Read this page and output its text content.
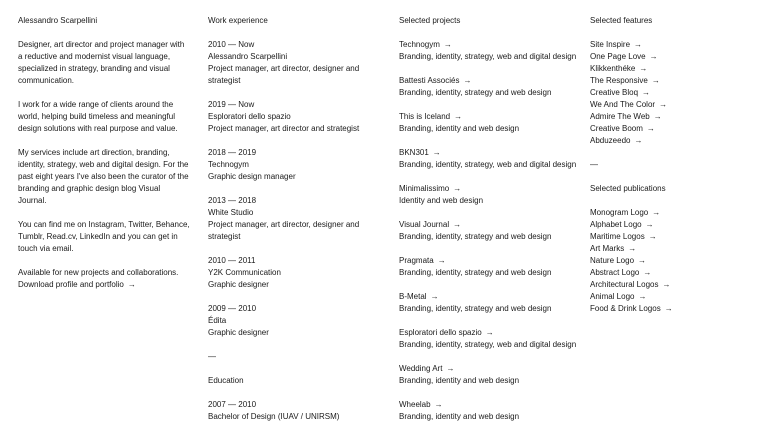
Alessandro Scarpellini

Designer, art director and project manager with a reductive and modernist visual language, specialized in strategy, branding and visual communication.

I work for a wide range of clients around the world, helping build timeless and meaningful design solutions with real purpose and value.

My services include art direction, branding, identity, strategy, web and digital design. For the past eight years I've also been the curator of the branding and graphic design blog Visual Journal.

You can find me on Instagram, Twitter, Behance, Tumblr, Read.cv, LinkedIn and you can get in touch via email.

Available for new projects and collaborations.
Download profile and portfolio →
Work experience
2010 — Now
Alessandro Scarpellini
Project manager, art director, designer and strategist
2019 — Now
Esploratori dello spazio
Project manager, art director and strategist
2018 — 2019
Technogym
Graphic design manager
2013 — 2018
White Studio
Project manager, art director, designer and strategist
2010 — 2011
Y2K Communication
Graphic designer
2009 — 2010
Édita
Graphic designer
—
Education
2007 — 2010
Bachelor of Design (IUAV / UNIRSM)
Selected projects
Technogym →
Branding, identity, strategy, web and digital design
Battesti Associés →
Branding, identity, strategy and web design
This is Iceland →
Branding, identity and web design
BKN301 →
Branding, identity, strategy, web and digital design
Minimalissimo →
Identity and web design
Visual Journal →
Branding, identity, strategy and web design
Pragmata →
Branding, identity, strategy and web design
B-Metal →
Branding, identity, strategy and web design
Esploratori dello spazio →
Branding, identity, strategy, web and digital design
Wedding Art →
Branding, identity and web design
Wheelab →
Branding, identity and web design
Selected features
Site Inspire →
One Page Love →
Klikkenthéke →
The Responsive →
Creative Bloq →
We And The Color →
Admire The Web →
Creative Boom →
Abduzeedo →
—
Selected publications
Monogram Logo →
Alphabet Logo →
Maritime Logos →
Art Marks →
Nature Logo →
Abstract Logo →
Architectural Logos →
Animal Logo →
Food & Drink Logos →
